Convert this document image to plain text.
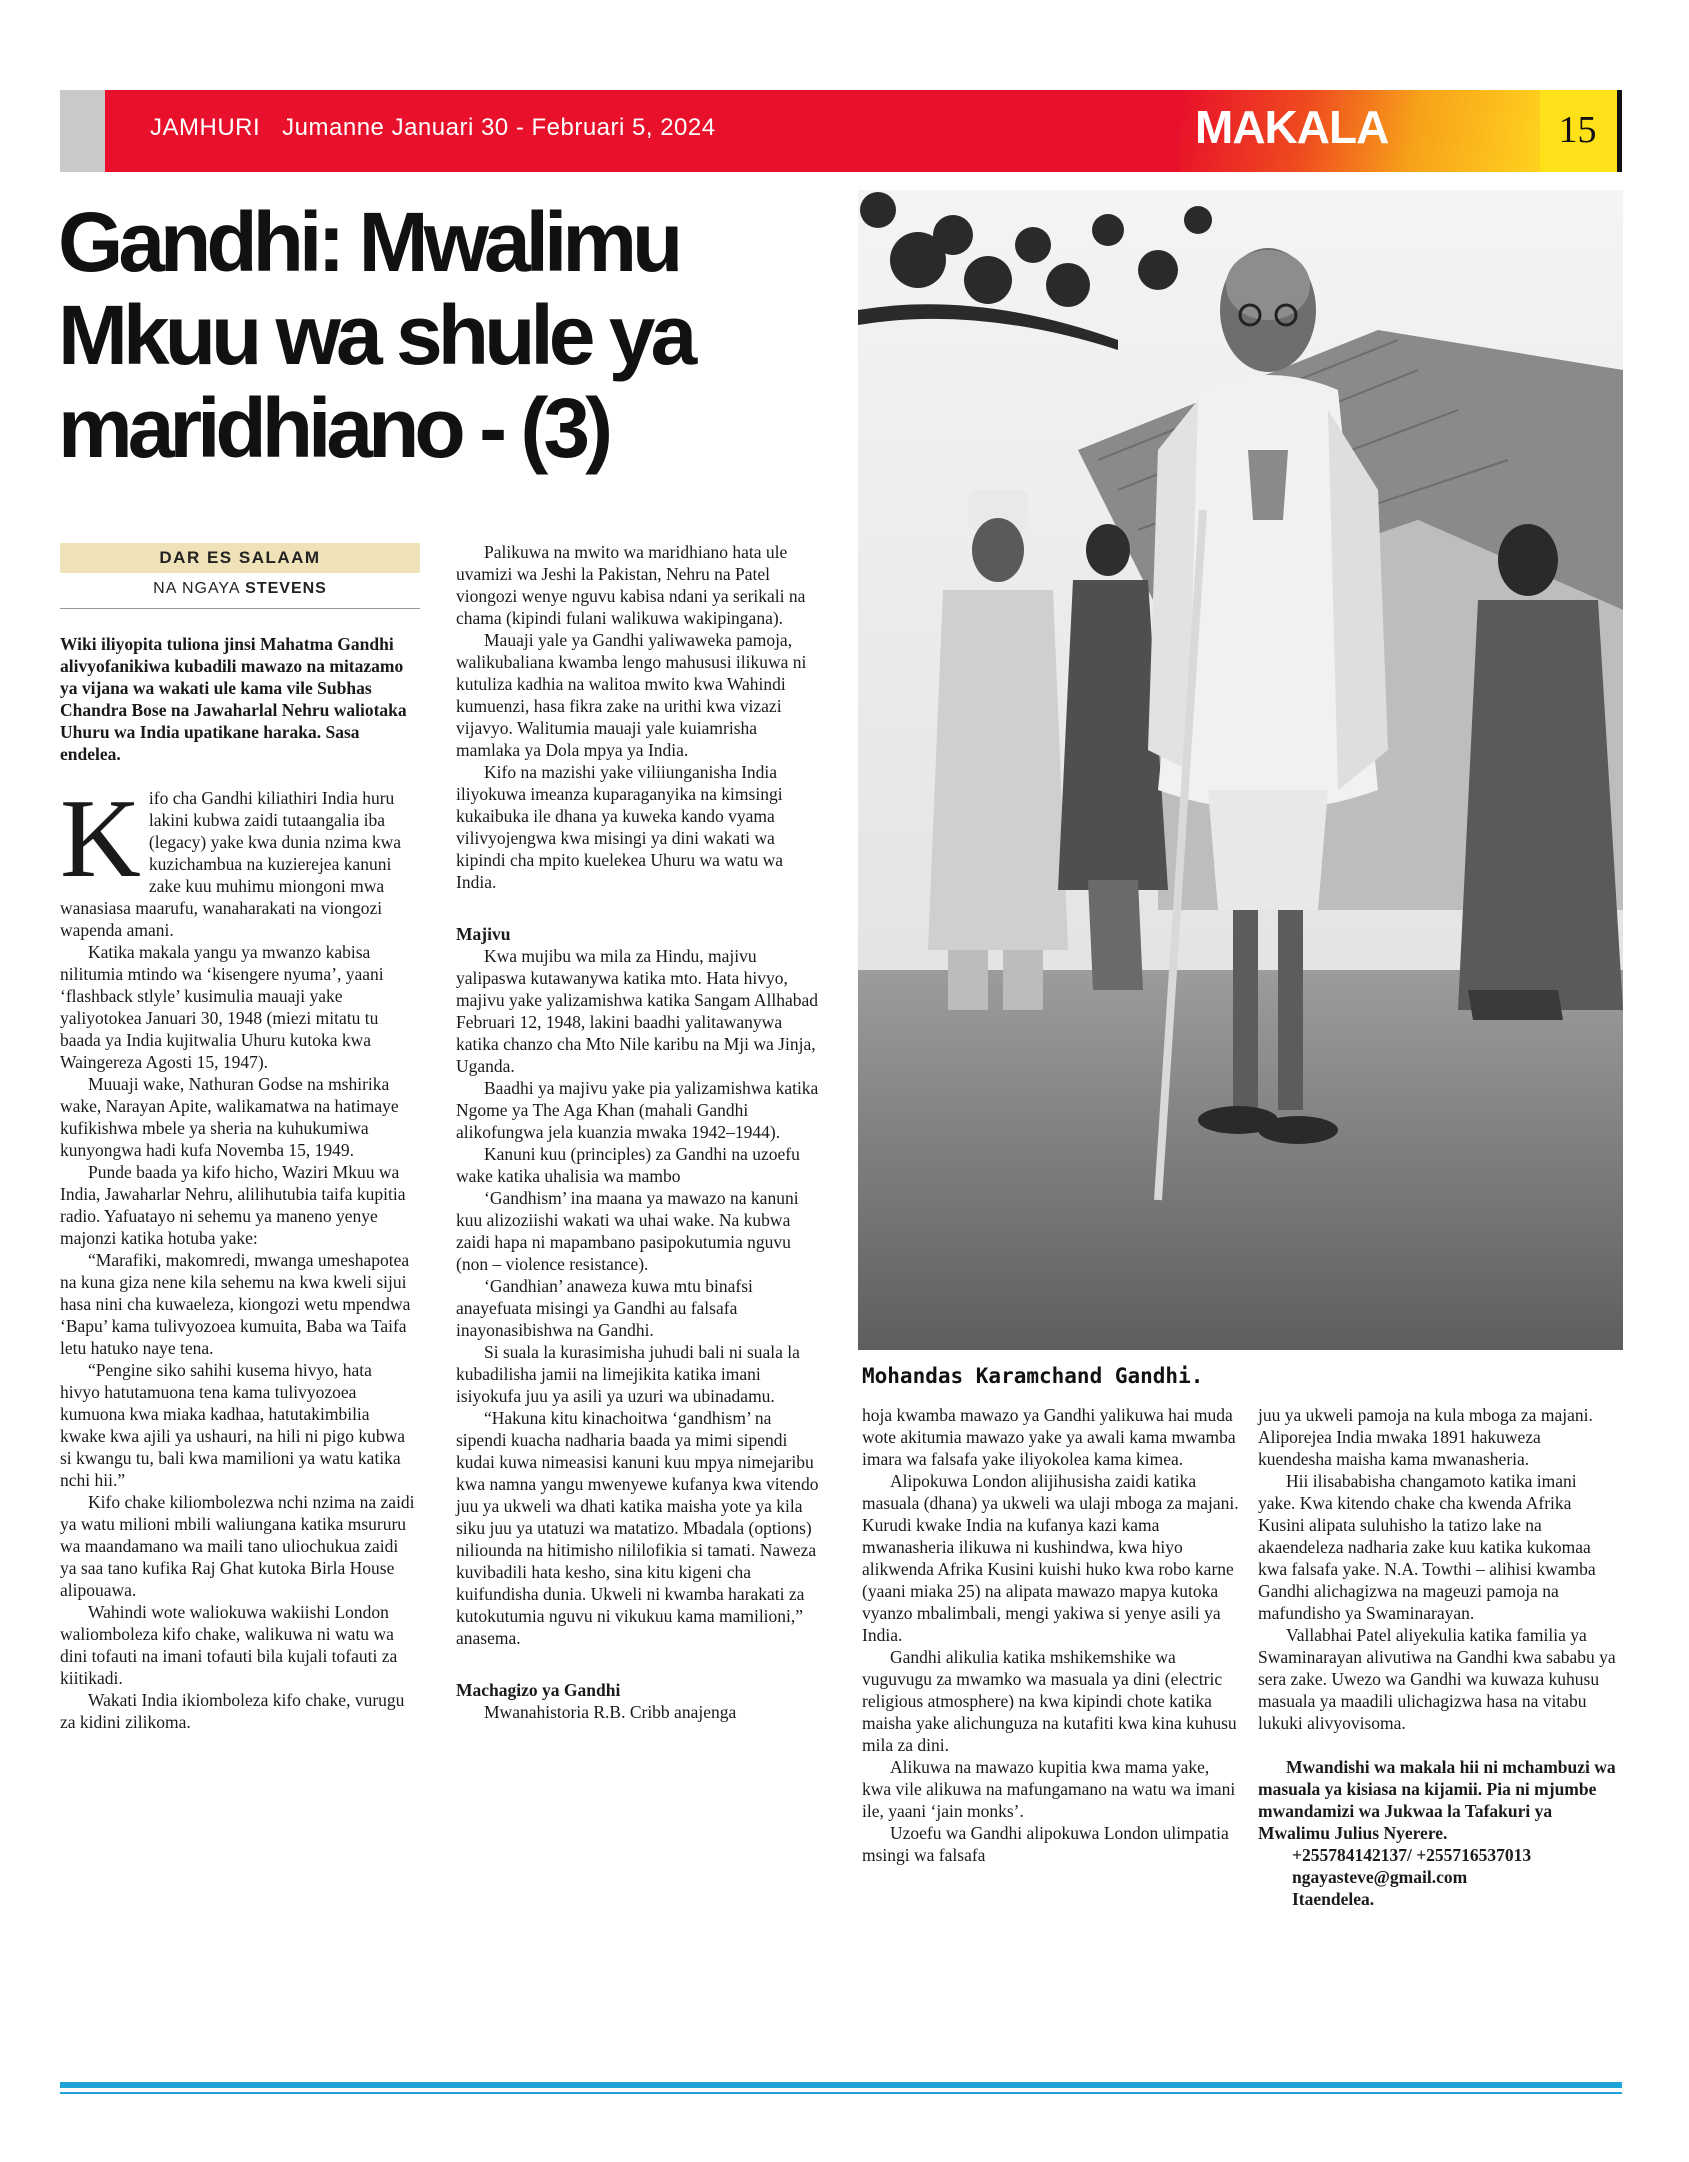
JAMHURI Jumanne Januari 30 - Februari 5, 2024	MAKALA	15
Gandhi: Mwalimu Mkuu wa shule ya maridhiano - (3)
DAR ES SALAAM
NA NGAYA STEVENS

Wiki iliyopita tuliona jinsi Mahatma Gandhi alivyofanikiwa kubadili mawazo na mitazamo ya vijana wa wakati ule kama vile Subhas Chandra Bose na Jawaharlal Nehru waliotaka Uhuru wa India upatikane haraka. Sasa endelea.

Kifo cha Gandhi kiliathiri India huru lakini kubwa zaidi tutaangalia iba (legacy) yake kwa dunia nzima kwa kuzichambua na kuzierejea kanuni zake kuu muhimu miongoni mwa wanasiasa maarufu, wanaharakati na viongozi wapenda amani.

Katika makala yangu ya mwanzo kabisa nilitumia mtindo wa ‘kisengere nyuma’, yaani ‘flashback stlyle’ kusimulia mauaji yake yaliyotokea Januari 30, 1948 (miezi mitatu tu baada ya India kujitwalia Uhuru kutoka kwa Waingereza Agosti 15, 1947).

Muuaji wake, Nathuran Godse na mshirika wake, Narayan Apite, walikamatwa na hatimaye kufikishwa mbele ya sheria na kuhukumiwa kunyongwa hadi kufa Novemba 15, 1949.

Punde baada ya kifo hicho, Waziri Mkuu wa India, Jawaharlar Nehru, alilihutubia taifa kupitia radio. Yafuatayo ni sehemu ya maneno yenye majonzi katika hotuba yake:

“Marafiki, makomredi, mwanga umeshapotea na kuna giza nene kila sehemu na kwa kweli sijui hasa nini cha kuwaeleza, kiongozi wetu mpendwa ‘Bapu’ kama tulivyozoea kumuita, Baba wa Taifa letu hatuko naye tena.

“Pengine siko sahihi kusema hivyo, hata hivyo hatutamuona tena kama tulivyozoea kumuona kwa miaka kadhaa, hatutakimbilia kwake kwa ajili ya ushauri, na hili ni pigo kubwa si kwangu tu, bali kwa mamilioni ya watu katika nchi hii.”

Kifo chake kiliombolezwa nchi nzima na zaidi ya watu milioni mbili waliungana katika msururu wa maandamano wa maili tano uliochukua zaidi ya saa tano kufika Raj Ghat kutoka Birla House alipouawa.

Wahindi wote waliokuwa wakiishi London waliomboleza kifo chake, walikuwa ni watu wa dini tofauti na imani tofauti bila kujali tofauti za kiitikadi.

Wakati India ikiomboleza kifo chake, vurugu za kidini zilikoma.

Palikuwa na mwito wa maridhiano hata ule uvamizi wa Jeshi la Pakistan, Nehru na Patel viongozi wenye nguvu kabisa ndani ya serikali na chama (kipindi fulani walikuwa wakipingana).

Mauaji yale ya Gandhi yaliwaweka pamoja, walikubaliana kwamba lengo mahususi ilikuwa ni kutuliza kadhia na walitoa mwito kwa Wahindi kumuenzi, hasa fikra zake na urithi kwa vizazi vijavyo. Walitumia mauaji yale kuiamrisha mamlaka ya Dola mpya ya India.

Kifo na mazishi yake viliiunganisha India iliyokuwa imeanza kuparaganyika na kimsingi kukaibuka ile dhana ya kuweka kando vyama vilivyojengwa kwa misingi ya dini wakati wa kipindi cha mpito kuelekea Uhuru wa watu wa India.

Majivu

Kwa mujibu wa mila za Hindu, majivu yalipaswa kutawanywa katika mto. Hata hivyo, majivu yake yalizamishwa katika Sangam Allhabad Februari 12, 1948, lakini baadhi yalitawanywa katika chanzo cha Mto Nile karibu na Mji wa Jinja, Uganda.

Baadhi ya majivu yake pia yalizamishwa katika Ngome ya The Aga Khan (mahali Gandhi alikofungwa jela kuanzia mwaka 1942–1944).

Kanuni kuu (principles) za Gandhi na uzoefu wake katika uhalisia wa mambo

‘Gandhism’ ina maana ya mawazo na kanuni kuu alizoziishi wakati wa uhai wake. Na kubwa zaidi hapa ni mapambano pasipokutumia nguvu (non – violence resistance).

‘Gandhian’ anaweza kuwa mtu binafsi anayefuata misingi ya Gandhi au falsafa inayonasibishwa na Gandhi.

Si suala la kurasimisha juhudi bali ni suala la kubadilisha jamii na limejikita katika imani isiyokufa juu ya asili ya uzuri wa ubinadamu.

“Hakuna kitu kinachoitwa ‘gandhism’ na sipendi kuacha nadharia baada ya mimi sipendi kudai kuwa nimeasisi kanuni kuu mpya nimejaribu kwa namna yangu mwenyewe kufanya kwa vitendo juu ya ukweli wa dhati katika maisha yote ya kila siku juu ya utatuzi wa matatizo. Mbadala (options) niliounda na hitimisho nililofikia si tamati. Naweza kuvibadili hata kesho, sina kitu kigeni cha kuifundisha dunia. Ukweli ni kwamba harakati za kutokutumia nguvu ni vikukuu kama mamilioni,” anasema.

Machagizo ya Gandhi

Mwanahistoria R.B. Cribb anajenga

Mohandas Karamchand Gandhi.

hoja kwamba mawazo ya Gandhi yalikuwa hai muda wote akitumia mawazo yake ya awali kama mwamba imara wa falsafa yake iliyokolea kama kimea.

Alipokuwa London alijihusisha zaidi katika masuala (dhana) ya ukweli wa ulaji mboga za majani. Kurudi kwake India na kufanya kazi kama mwanasheria ilikuwa ni kushindwa, kwa hiyo alikwenda Afrika Kusini kuishi huko kwa robo karne (yaani miaka 25) na alipata mawazo mapya kutoka vyanzo mbalimbali, mengi yakiwa si yenye asili ya India.

Gandhi alikulia katika mshikemshike wa vuguvugu za mwamko wa masuala ya dini (electric religious atmosphere) na kwa kipindi chote katika maisha yake alichunguza na kutafiti kwa kina kuhusu mila za dini.

Alikuwa na mawazo kupitia kwa mama yake, kwa vile alikuwa na mafungamano na watu wa imani ile, yaani ‘jain monks’.

Uzoefu wa Gandhi alipokuwa London ulimpatia msingi wa falsafa

juu ya ukweli pamoja na kula mboga za majani. Aliporejea India mwaka 1891 hakuweza kuendesha maisha kama mwanasheria.

Hii ilisababisha changamoto katika imani yake. Kwa kitendo chake cha kwenda Afrika Kusini alipata suluhisho la tatizo lake na akaendeleza nadharia zake kuu katika kukomaa kwa falsafa yake. N.A. Towthi – alihisi kwamba Gandhi alichagizwa na mageuzi pamoja na mafundisho ya Swaminarayan.

Vallabhai Patel aliyekulia katika familia ya Swaminarayan alivutiwa na Gandhi kwa sababu ya sera zake. Uwezo wa Gandhi wa kuwaza kuhusu masuala ya maadili ulichagizwa hasa na vitabu lukuki alivyovisoma.

Mwandishi wa makala hii ni mchambuzi wa masuala ya kisiasa na kijamii. Pia ni mjumbe mwandamizi wa Jukwaa la Tafakuri ya Mwalimu Julius Nyerere.

+255784142137/ +255716537013

ngayasteve@gmail.com

Itaendelea.
